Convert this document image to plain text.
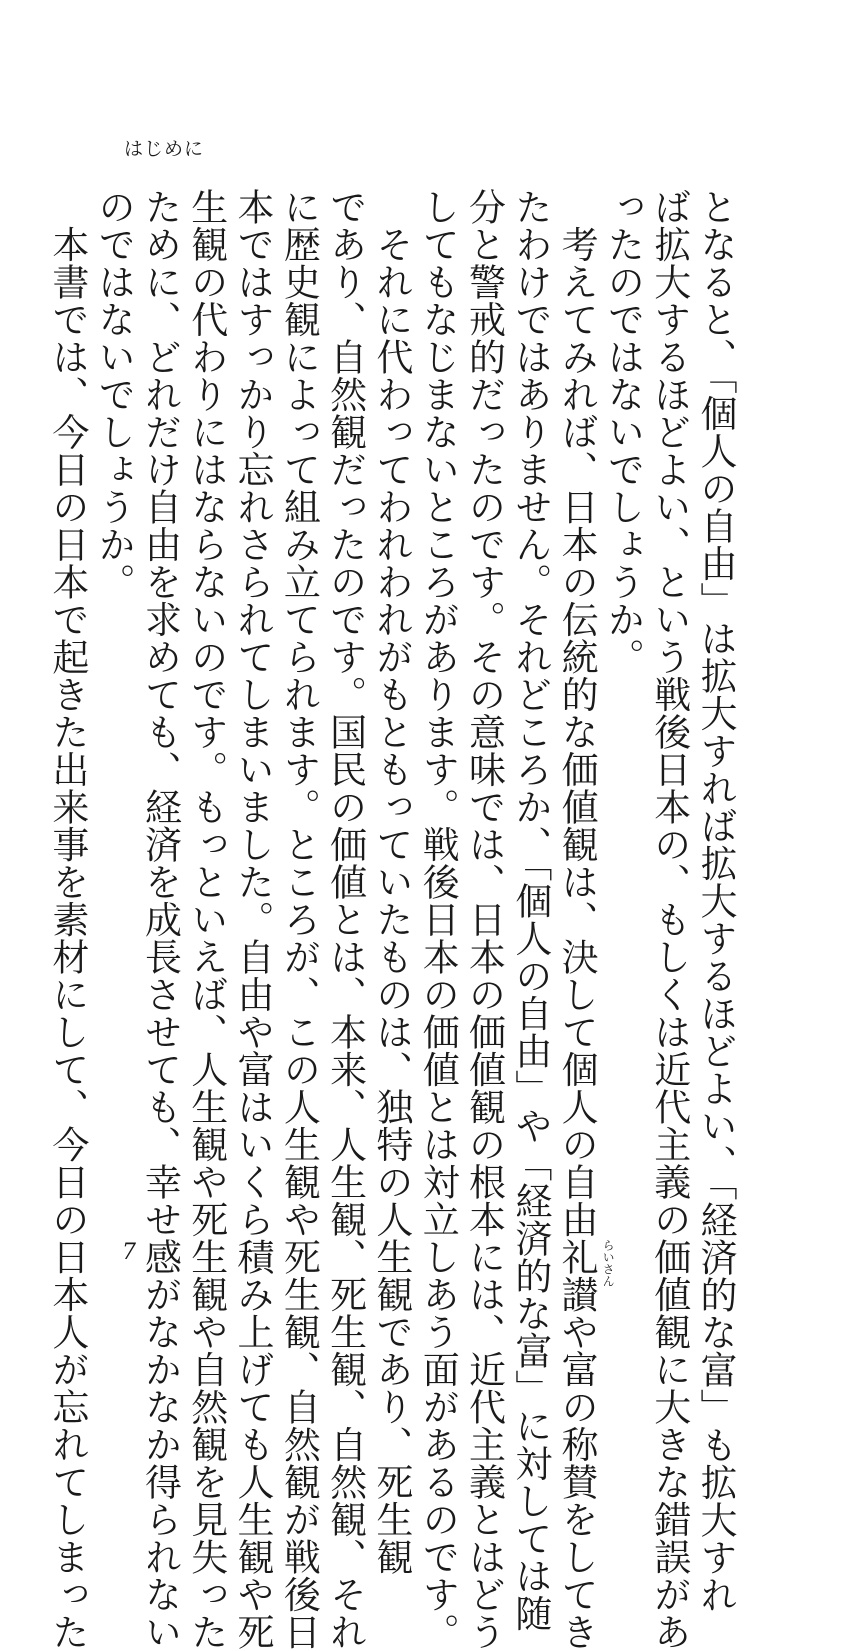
はじめに
となると、「個人の自由」は拡大すれば拡大するほどよい、「経済的な富」も拡大すれ
ば拡大するほどよい、という戦後日本の、もしくは近代主義の価値観に大きな錯誤があ
ったのではないでしょうか。
　考えてみれば、日本の伝統的な価値観は、決して個人の自由礼讃 らいさん
や富の称賛をしてき
たわけではありません。それどころか、「個人の自由」や「経済的な富」に対しては随
分と警戒的だったのです。その意味では、日本の価値観の根本には、近代主義とはどう
してもなじまないところがあります。戦後日本の価値とは対立しあう面があるのです。
　それに代わってわれわれがもともっていたものは、独特の人生観であり、死生観
であり、自然観だったのです。国民の価値とは、本来、人生観、死生観、自然観、それ
に歴史観によって組み立てられます。ところが、この人生観や死生観、自然観が戦後日
本ではすっかり忘れさられてしまいました。自由や富はいくら積み上げても人生観や死
生観の代わりにはならないのです。もっといえば、人生観や死生観や自然観を見失った
ために、どれだけ自由を求めても、経済を成長させても、幸せ感がなかなか得られない
のではないでしょうか。
　本書では、今日の日本で起きた出来事を素材にして、今日の日本人が忘れてしまった 7
